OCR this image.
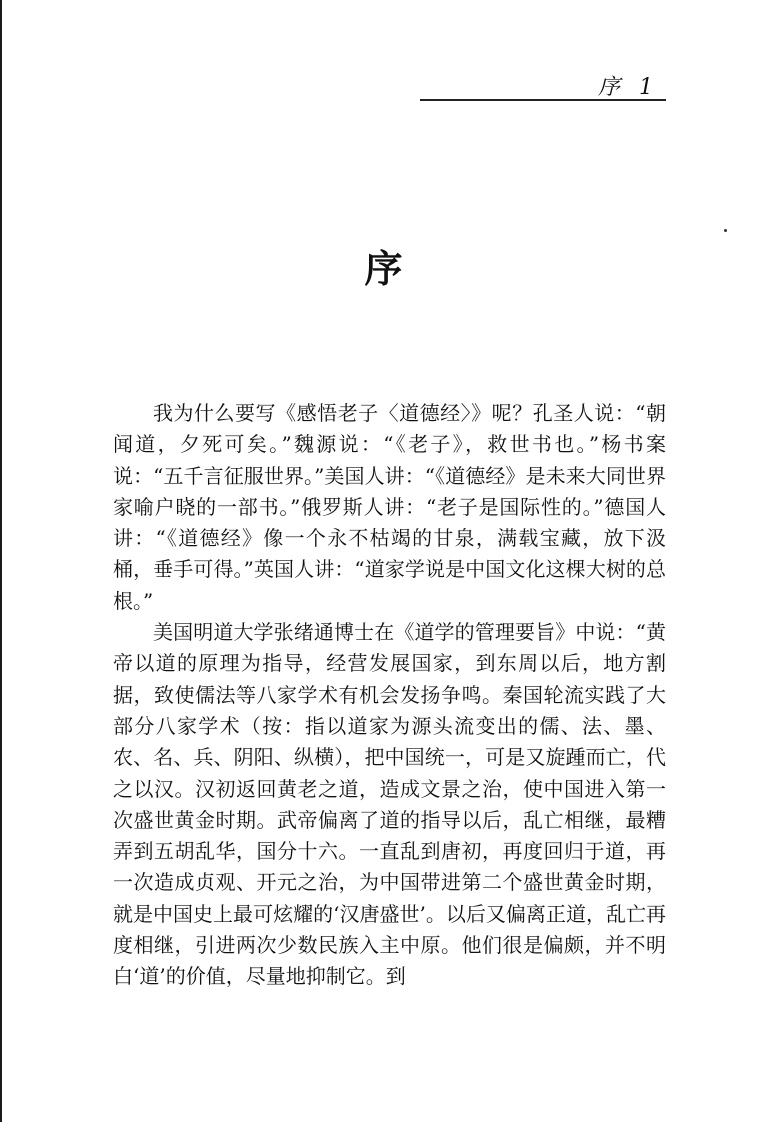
序 1
序

我为什么要写《感悟老子〈道德经〉》呢？孔圣人说：“朝闻道，夕死可矣。”魏源说：“《老子》，救世书也。”杨书案说：“五千言征服世界。”美国人讲：“《道德经》是未来大同世界家喻户晓的一部书。”俄罗斯人讲：“老子是国际性的。”德国人讲：“《道德经》像一个永不枯竭的甘泉，满载宝藏，放下汲桶，垂手可得。”英国人讲：“道家学说是中国文化这棵大树的总根。”

美国明道大学张绪通博士在《道学的管理要旨》中说：“黄帝以道的原理为指导，经营发展国家，到东周以后，地方割据，致使儒法等八家学术有机会发扬争鸣。秦国轮流实践了大部分八家学术（按：指以道家为源头流变出的儒、法、墨、农、名、兵、阴阳、纵横），把中国统一，可是又旋踵而亡，代之以汉。汉初返回黄老之道，造成文景之治，使中国进入第一次盛世黄金时期。武帝偏离了道的指导以后，乱亡相继，最糟弄到五胡乱华，国分十六。一直乱到唐初，再度回归于道，再一次造成贞观、开元之治，为中国带进第二个盛世黄金时期，就是中国史上最可炫耀的‘汉唐盛世’。以后又偏离正道，乱亡再度相继，引进两次少数民族入主中原。他们很是偏颇，并不明白‘道’的价值，尽量地抑制它。到
